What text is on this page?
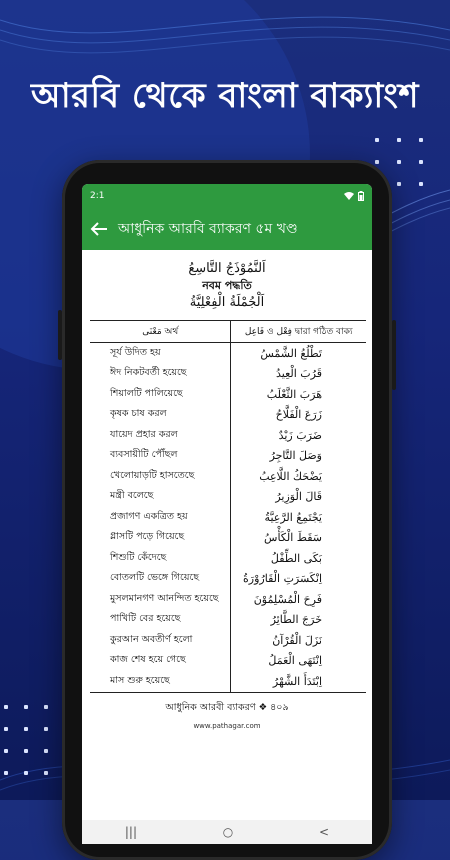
আরবি থেকে বাংলা বাক্যাংশ
2:1
আধুনিক আরবি ব্যাকরণ ৫ম খণ্ড
اَلنَّمُوْذَجُ التَّاسِعُ
নবম পদ্ধতি
اَلْجُمْلَةُ الْفِعْلِيَّةُ
مَعْنَى অর্থ	فَاعِل ও فِعْل দ্বারা গঠিত বাক্য
সূর্য উদিত হয়	تَطْلُعُ الشَّمْسُ
ঈদ নিকটবর্তী হয়েছে	قَرُبَ الْعِيدُ
শিয়ালটি পালিয়েছে	هَرَبَ الثَّعْلَبُ
কৃষক চাষ করল	زَرَعَ الْفَلَّاحُ
যায়েদ প্রহার করল	ضَرَبَ زَيْدٌ
ব্যবসায়ীটি পৌঁছল	وَصَلَ التَّاجِرُ
খেলোয়াড়টি হাসতেছে	يَضْحَكُ اللَّاعِبُ
মন্ত্রী বলেছে	قَالَ الْوَزِيرُ
প্রজাগণ একত্রিত হয়	يَجْتَمِعُ الرَّعِيَّةُ
গ্লাসটি পড়ে গিয়েছে	سَقَطَ الْكَأْسُ
শিশুটি কেঁদেছে	بَكَى الطِّفْلُ
বোতলটি ভেঙ্গে গিয়েছে	اِنْكَسَرَتِ الْقَارُوْرَةُ
মুসলমানগণ আনন্দিত হয়েছে	فَرِحَ الْمُسْلِمُوْنَ
পাখিটি বের হয়েছে	خَرَجَ الطَّائِرُ
কুরআন অবতীর্ণ হলো	نَزَلَ الْقُرْآنُ
কাজ শেষ হয়ে গেছে	اِنْتَهَى الْعَمَلُ
মাস শুরু হয়েছে	اِبْتَدَأَ الشَّهْرُ
আধুনিক আরবী ব্যাকরণ ❖ ৪০৯
www.pathagar.com
|||	○	<
